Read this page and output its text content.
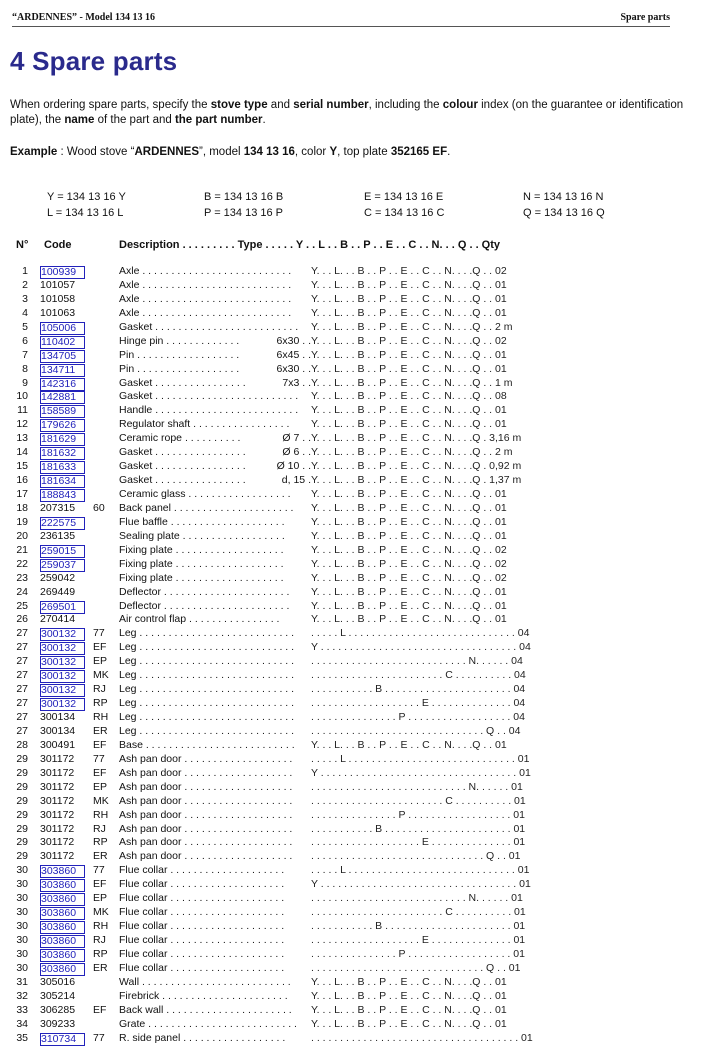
“ARDENNES” - Model 134 13 16	Spare parts
4 Spare parts
When ordering spare parts, specify the stove type and serial number, including the colour index (on the guarantee or identification plate), the name of the part and the part number.
Example : Wood stove “ARDENNES”, model 134 13 16, color Y, top plate 352165 EF.
Y = 134 13 16 Y	B = 134 13 16 B	E = 134 13 16 E	N = 134 13 16 N
L = 134 13 16 L	P = 134 13 16 P	C = 134 13 16 C	Q = 134 13 16 Q
N° Code	Description . . . . . . . . . Type . . . . . Y . . L . . B . . P . . E . . C . . N. . . Q . . Qty
1 100939	Axle . . . . . . . . . . . . . . . . . . . . . . . . . . Y. . . L. . . B . . P . . E . . C . . N. . . .Q . . 02
2 101057	Axle . . . . . . . . . . . . . . . . . . . . . . . . . . Y. . . L. . . B . . P . . E . . C . . N. . . .Q . . 01
3 101058	Axle . . . . . . . . . . . . . . . . . . . . . . . . . . Y. . . L. . . B . . P . . E . . C . . N. . . .Q . . 01
4 101063	Axle . . . . . . . . . . . . . . . . . . . . . . . . . . Y. . . L. . . B . . P . . E . . C . . N. . . .Q . . 01
5 105006	Gasket . . . . . . . . . . . . . . . . . . . . . . . . . Y. . . L. . . B . . P . . E . . C . . N. . . .Q . . 2 m
6 110402	Hinge pin . . . . . . . . . . . . .	6x30 . . Y. . . L. . . B . . P . . E . . C . . N. . . .Q . . 02
7 134705	Pin . . . . . . . . . . . . . . . . . .	6x45 . . Y. . . L. . . B . . P . . E . . C . . N. . . .Q . . 01
8 134711	Pin . . . . . . . . . . . . . . . . . .	6x30 . . Y. . . L. . . B . . P . . E . . C . . N. . . .Q . . 01
9 142316	Gasket . . . . . . . . . . . . . . . .	7x3 . . Y. . . L. . . B . . P . . E . . C . . N. . . .Q . . 1 m
10 142881	Gasket . . . . . . . . . . . . . . . . . . . . . . . . . Y. . . L. . . B . . P . . E . . C . . N. . . .Q . . 08
11 158589	Handle . . . . . . . . . . . . . . . . . . . . . . . . . Y. . . L. . . B . . P . . E . . C . . N. . . .Q . . 01
12 179626	Regulator shaft . . . . . . . . . . . . . . . . . Y. . . L. . . B . . P . . E . . C . . N. . . .Q . . 01
13 181629	Ceramic rope . . . . . . . . . .	Ø 7 . . Y. . . L. . . B . . P . . E . . C . . N. . . .Q . 3,16 m
14 181632	Gasket . . . . . . . . . . . . . . . .	Ø 6 . . Y. . . L. . . B . . P . . E . . C . . N. . . .Q . . 2 m
15 181633	Gasket . . . . . . . . . . . . . . . .	Ø 10 . . Y. . . L. . . B . . P . . E . . C . . N. . . .Q . 0,92 m
16 181634	Gasket . . . . . . . . . . . . . . . .	d, 15 . Y. . . L. . . B . . P . . E . . C . . N. . . .Q . 1,37 m
17 188843	Ceramic glass . . . . . . . . . . . . . . . . . . Y. . . L. . . B . . P . . E . . C . . N. . . .Q . . 01
18 207315	60 Back panel . . . . . . . . . . . . . . . . . . . . . Y. . . L. . . B . . P . . E . . C . . N. . . .Q . . 01
19 222575	Flue baffle . . . . . . . . . . . . . . . . . . . .	Y. . . L. . . B . . P . . E . . C . . N. . . .Q . . 01
20 236135	Sealing plate . . . . . . . . . . . . . . . . . .	Y. . . L. . . B . . P . . E . . C . . N. . . .Q . . 01
21 259015	Fixing plate . . . . . . . . . . . . . . . . . . .	Y. . . L. . . B . . P . . E . . C . . N. . . .Q . . 02
22 259037	Fixing plate . . . . . . . . . . . . . . . . . . .	Y. . . L. . . B . . P . . E . . C . . N. . . .Q . . 02
23 259042	Fixing plate . . . . . . . . . . . . . . . . . . .	Y. . . L. . . B . . P . . E . . C . . N. . . .Q . . 02
24 269449	Deflector . . . . . . . . . . . . . . . . . . . . . . Y. . . L. . . B . . P . . E . . C . . N. . . .Q . . 01
25 269501	Deflector . . . . . . . . . . . . . . . . . . . . . . Y. . . L. . . B . . P . . E . . C . . N. . . .Q . . 01
26 270414	Air control flap . . . . . . . . . . . . . . . .	Y. . . L. . . B . . P . . E . . C . . N. . . .Q . . 01
27 300132	77 Leg . . . . . . . . . . . . . . . . . . . . . . . . . . . . . . . . L . . . . . . . . . . . . . . . . . . . . . . . . . . . . . 04
27 300132	EF Leg . . . . . . . . . . . . . . . . . . . . . . . . . . . Y . . . . . . . . . . . . . . . . . . . . . . . . . . . . . . . . . . 04
27 300132	EP Leg . . . . . . . . . . . . . . . . . . . . . . . . . . . . . . . . . . . . . . . . . . . . . . . . . . . . . . N. . . . . . 04
27 300132	MK Leg . . . . . . . . . . . . . . . . . . . . . . . . . . . . . . . . . . . . . . . . . . . . . . . . . . C . . . . . . . . . . 04
27 300132	RJ Leg . . . . . . . . . . . . . . . . . . . . . . . . . . . . . . . . . . . . . . B . . . . . . . . . . . . . . . . . . . . . . 04
27 300132	RP Leg . . . . . . . . . . . . . . . . . . . . . . . . . . . . . . . . . . . . . . . . . . . . . . E . . . . . . . . . . . . . . 04
27 300134	RH Leg . . . . . . . . . . . . . . . . . . . . . . . . . . . . . . . . . . . . . . . . . . P . . . . . . . . . . . . . . . . . . 04
27 300134	ER Leg . . . . . . . . . . . . . . . . . . . . . . . . . . . . . . . . . . . . . . . . . . . . . . . . . . . . . . . . . Q . . 04
28 300491	EF Base . . . . . . . . . . . . . . . . . . . . . . . . . . Y. . . L. . . B . . P . . E . . C . . N. . . .Q . . 01
29 301172	77 Ash pan door . . . . . . . . . . . . . . . . . . . . . . . . L . . . . . . . . . . . . . . . . . . . . . . . . . . . . . 01
29 301172	EF Ash pan door . . . . . . . . . . . . . . . . . . . Y . . . . . . . . . . . . . . . . . . . . . . . . . . . . . . . . . . 01
29 301172	EP Ash pan door . . . . . . . . . . . . . . . . . . . . . . . . . . . . . . . . . . . . . . . . . . . . . . N. . . . . . 01
29 301172	MK Ash pan door . . . . . . . . . . . . . . . . . . . . . . . . . . . . . . . . . . . . . . . . . . C . . . . . . . . . . 01
29 301172	RH Ash pan door . . . . . . . . . . . . . . . . . . . . . . . . . . . . . . . . . . P . . . . . . . . . . . . . . . . . . 01
29 301172	RJ Ash pan door . . . . . . . . . . . . . . . . . . . . . . . . . . . . . . B . . . . . . . . . . . . . . . . . . . . . . 01
29 301172	RP Ash pan door . . . . . . . . . . . . . . . . . . . . . . . . . . . . . . . . . . . . . . E . . . . . . . . . . . . . . 01
29 301172	ER Ash pan door . . . . . . . . . . . . . . . . . . . . . . . . . . . . . . . . . . . . . . . . . . . . . . . . . Q . . 01
30 303860	77 Flue collar . . . . . . . . . . . . . . . . . . . .	. . . . . L . . . . . . . . . . . . . . . . . . . . . . . . . . . . . 01
30 303860	EF Flue collar . . . . . . . . . . . . . . . . . . . .	Y . . . . . . . . . . . . . . . . . . . . . . . . . . . . . . . . . . 01
30 303860	EP Flue collar . . . . . . . . . . . . . . . . . . . .	. . . . . . . . . . . . . . . . . . . . . . . . . . . N. . . . . . 01
30 303860	MK Flue collar . . . . . . . . . . . . . . . . . . . .	. . . . . . . . . . . . . . . . . . . . . . . C . . . . . . . . . . 01
30 303860	RH Flue collar . . . . . . . . . . . . . . . . . . . .	. . . . . . . . . . . B . . . . . . . . . . . . . . . . . . . . . . 01
30 303860	RJ Flue collar . . . . . . . . . . . . . . . . . . . .	. . . . . . . . . . . . . . . . . . . E . . . . . . . . . . . . . . 01
30 303860	RP Flue collar . . . . . . . . . . . . . . . . . . . .	. . . . . . . . . . . . . . . P . . . . . . . . . . . . . . . . . . 01
30 303860	ER Flue collar . . . . . . . . . . . . . . . . . . . .	. . . . . . . . . . . . . . . . . . . . . . . . . . . . . . Q . . 01
31 305016	Wall . . . . . . . . . . . . . . . . . . . . . . . . . . Y. . . L. . . B . . P . . E . . C . . N. . . .Q . . 01
32 305214	Firebrick . . . . . . . . . . . . . . . . . . . . . . Y. . . L. . . B . . P . . E . . C . . N. . . .Q . . 01
33 306285	EF Back wall . . . . . . . . . . . . . . . . . . . . . . Y. . . L. . . B . . P . . E . . C . . N. . . .Q . . 01
34 309233	Grate . . . . . . . . . . . . . . . . . . . . . . . . . . Y. . . L. . . B . . P . . E . . C . . N. . . .Q . . 01
35 310734	77 R. side panel . . . . . . . . . . . . . . . . . . . . . . . . . . . . . . . . . . . . . . . . . . . . . . . . . . . . . . 01
